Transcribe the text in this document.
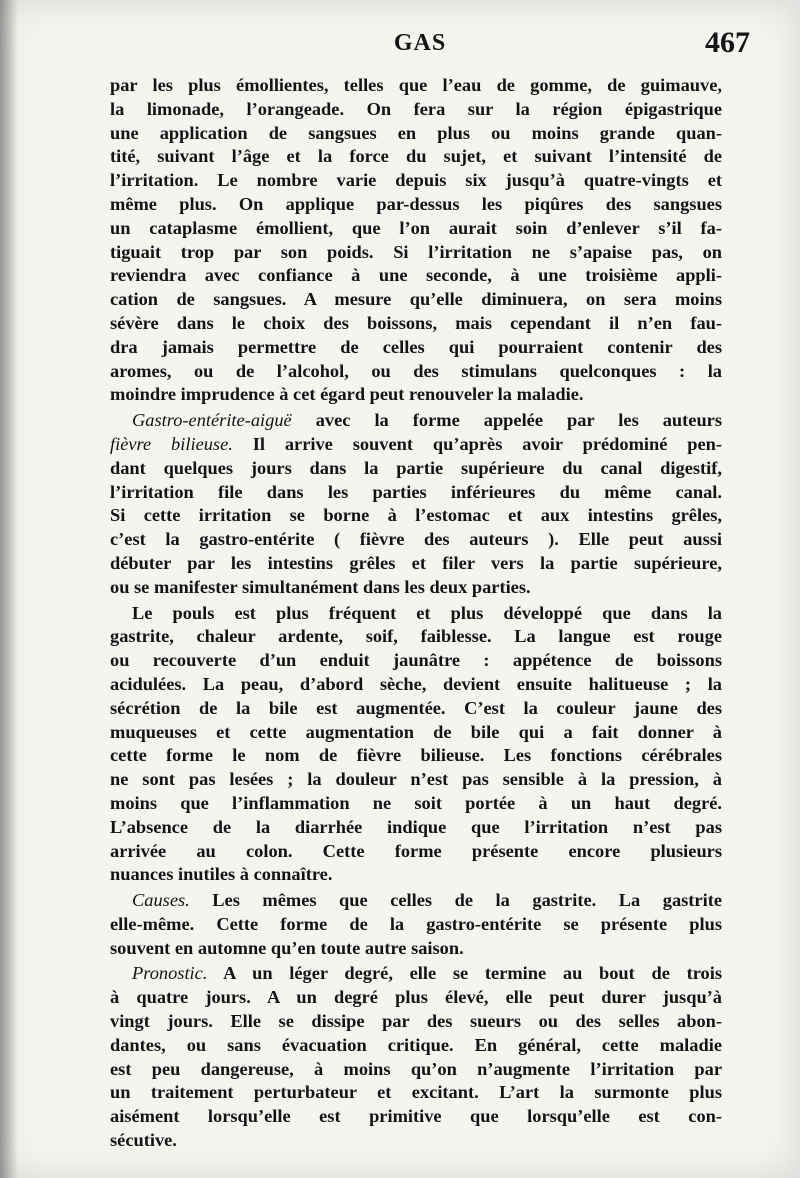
GAS	467
par les plus émollientes, telles que l’eau de gomme, de guimauve,
la limonade, l’orangeade. On fera sur la région épigastrique
une application de sangsues en plus ou moins grande quan-
tité, suivant l’âge et la force du sujet, et suivant l’intensité de
l’irritation. Le nombre varie depuis six jusqu’à quatre-vingts et
même plus. On applique par-dessus les piqûres des sangsues
un cataplasme émollient, que l’on aurait soin d’enlever s’il fa-
tiguait trop par son poids. Si l’irritation ne s’apaise pas, on
reviendra avec confiance à une seconde, à une troisième appli-
cation de sangsues. A mesure qu’elle diminuera, on sera moins
sévère dans le choix des boissons, mais cependant il n’en fau-
dra jamais permettre de celles qui pourraient contenir des
aromes, ou de l’alcohol, ou des stimulans quelconques : la
moindre imprudence à cet égard peut renouveler la maladie.
Gastro-entérite-aiguë avec la forme appelée par les auteurs
fièvre bilieuse. Il arrive souvent qu’après avoir prédominé pen-
dant quelques jours dans la partie supérieure du canal digestif,
l’irritation file dans les parties inférieures du même canal.
Si cette irritation se borne à l’estomac et aux intestins grêles,
c’est la gastro-entérite ( fièvre des auteurs ). Elle peut aussi
débuter par les intestins grêles et filer vers la partie supérieure,
ou se manifester simultanément dans les deux parties.
Le pouls est plus fréquent et plus développé que dans la
gastrite, chaleur ardente, soif, faiblesse. La langue est rouge
ou recouverte d’un enduit jaunâtre : appétence de boissons
acidulées. La peau, d’abord sèche, devient ensuite halitueuse ; la
sécrétion de la bile est augmentée. C’est la couleur jaune des
muqueuses et cette augmentation de bile qui a fait donner à
cette forme le nom de fièvre bilieuse. Les fonctions cérébrales
ne sont pas lesées ; la douleur n’est pas sensible à la pression, à
moins que l’inflammation ne soit portée à un haut degré.
L’absence de la diarrhée indique que l’irritation n’est pas
arrivée au colon. Cette forme présente encore plusieurs
nuances inutiles à connaître.
Causes. Les mêmes que celles de la gastrite. La gastrite
elle-même. Cette forme de la gastro-entérite se présente plus
souvent en automne qu’en toute autre saison.
Pronostic. A un léger degré, elle se termine au bout de trois
à quatre jours. A un degré plus élevé, elle peut durer jusqu’à
vingt jours. Elle se dissipe par des sueurs ou des selles abon-
dantes, ou sans évacuation critique. En général, cette maladie
est peu dangereuse, à moins qu’on n’augmente l’irritation par
un traitement perturbateur et excitant. L’art la surmonte plus
aisément lorsqu’elle est primitive que lorsqu’elle est con-
sécutive.
